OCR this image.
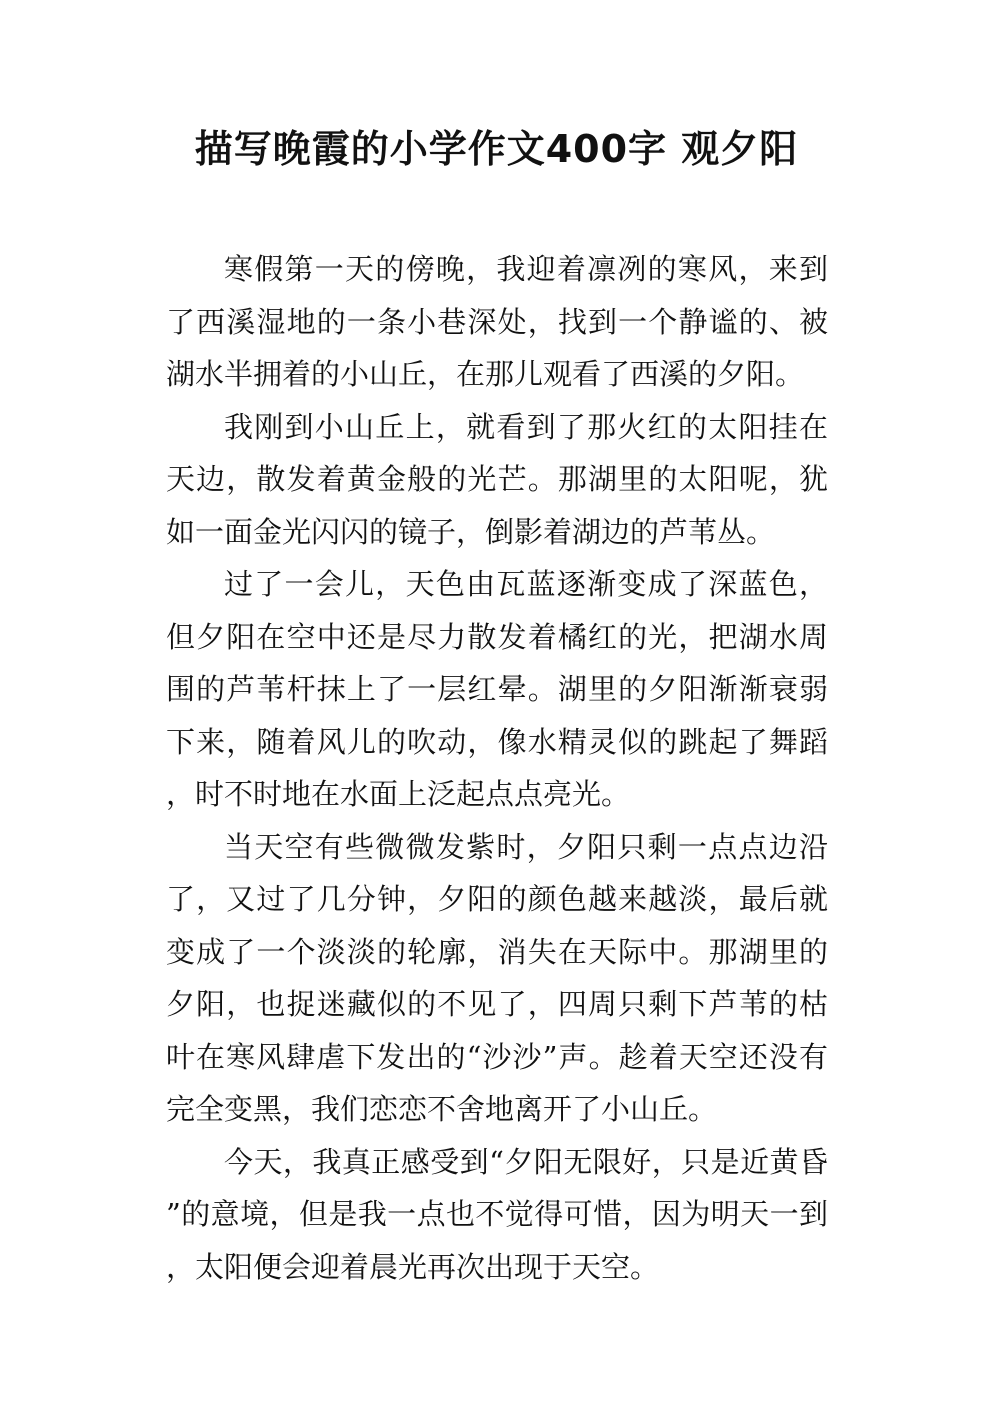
描写晚霞的小学作文400字 观夕阳

寒假第一天的傍晚，我迎着凛冽的寒风，来到了西溪湿地的一条小巷深处，找到一个静谧的、被湖水半拥着的小山丘，在那儿观看了西溪的夕阳。

我刚到小山丘上，就看到了那火红的太阳挂在天边，散发着黄金般的光芒。那湖里的太阳呢，犹如一面金光闪闪的镜子，倒影着湖边的芦苇丛。

过了一会儿，天色由瓦蓝逐渐变成了深蓝色，但夕阳在空中还是尽力散发着橘红的光，把湖水周围的芦苇杆抹上了一层红晕。湖里的夕阳渐渐衰弱下来，随着风儿的吹动，像水精灵似的跳起了舞蹈，时不时地在水面上泛起点点亮光。

当天空有些微微发紫时，夕阳只剩一点点边沿了，又过了几分钟，夕阳的颜色越来越淡，最后就变成了一个淡淡的轮廓，消失在天际中。那湖里的夕阳，也捉迷藏似的不见了，四周只剩下芦苇的枯叶在寒风肆虐下发出的“沙沙”声。趁着天空还没有完全变黑，我们恋恋不舍地离开了小山丘。

今天，我真正感受到“夕阳无限好，只是近黄昏”的意境，但是我一点也不觉得可惜，因为明天一到，太阳便会迎着晨光再次出现于天空。
